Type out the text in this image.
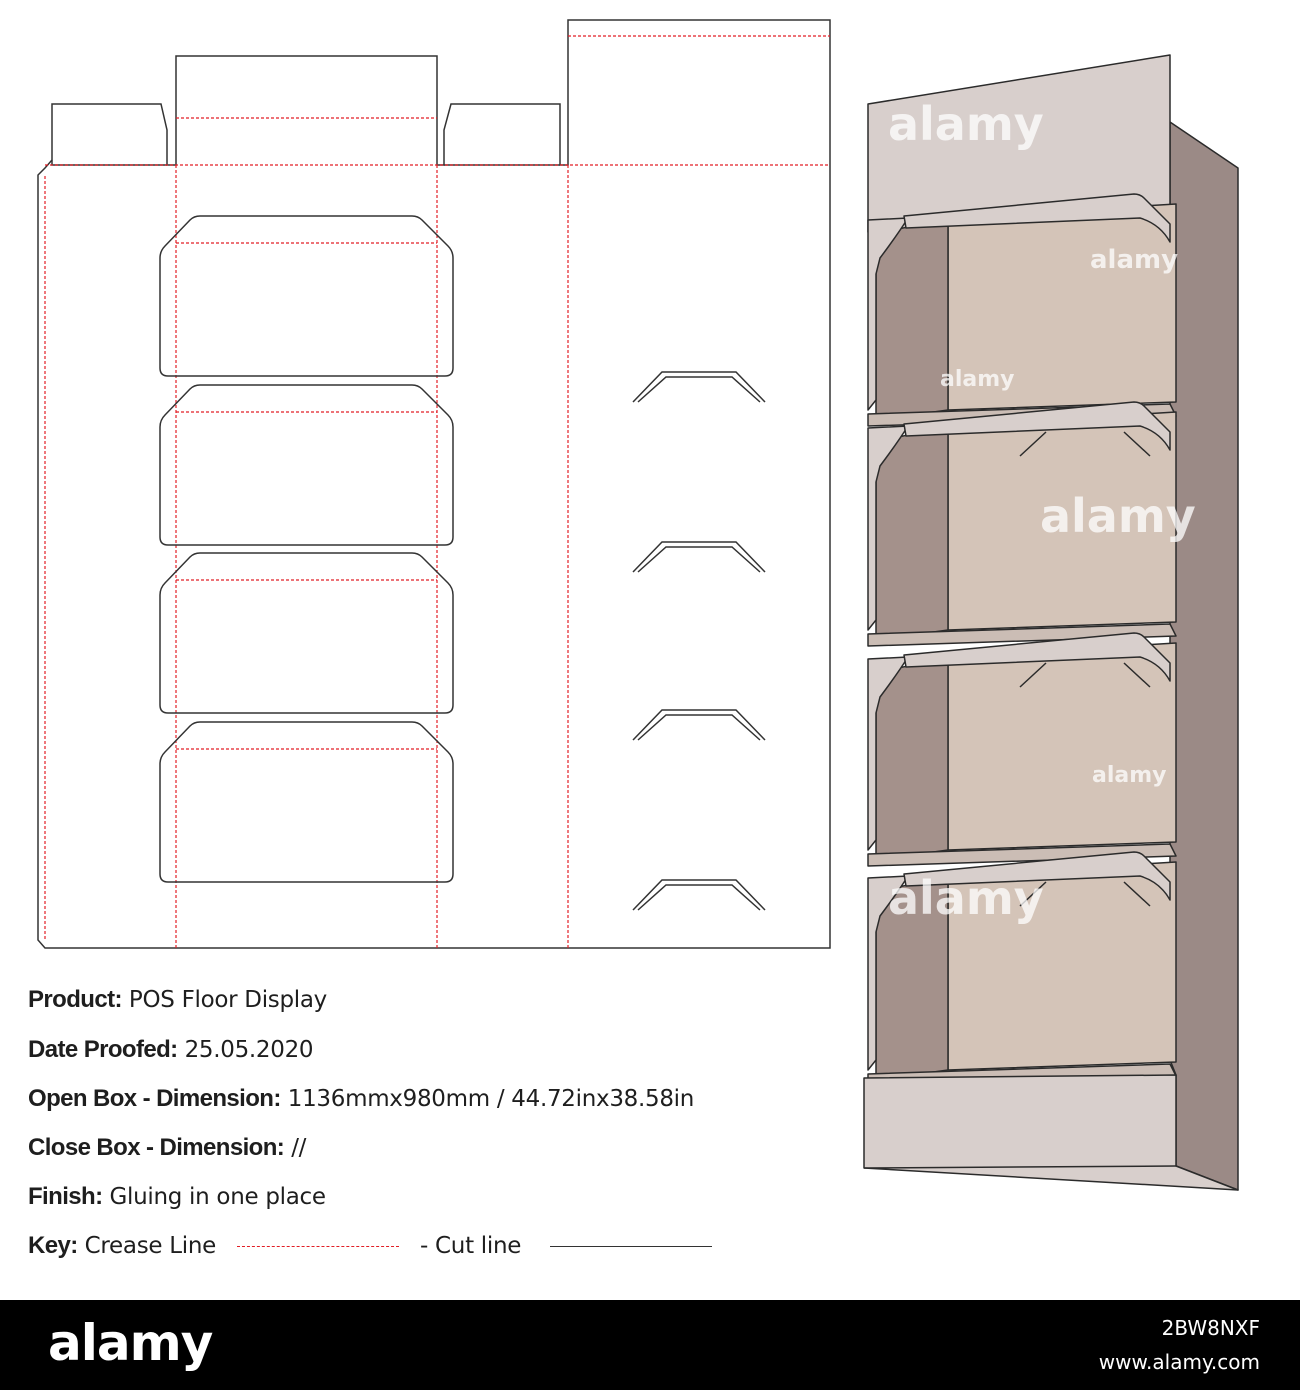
alamy
alamy
alamy
alamy
alamy
alamy
Product: POS Floor Display
Date Proofed: 25.05.2020
Open Box - Dimension: 1136mmx980mm / 44.72inx38.58in
Close Box - Dimension: //
Finish: Gluing in one place
Key: Crease Line	- Cut line
alamy	2BW8NXF
www.alamy.com
